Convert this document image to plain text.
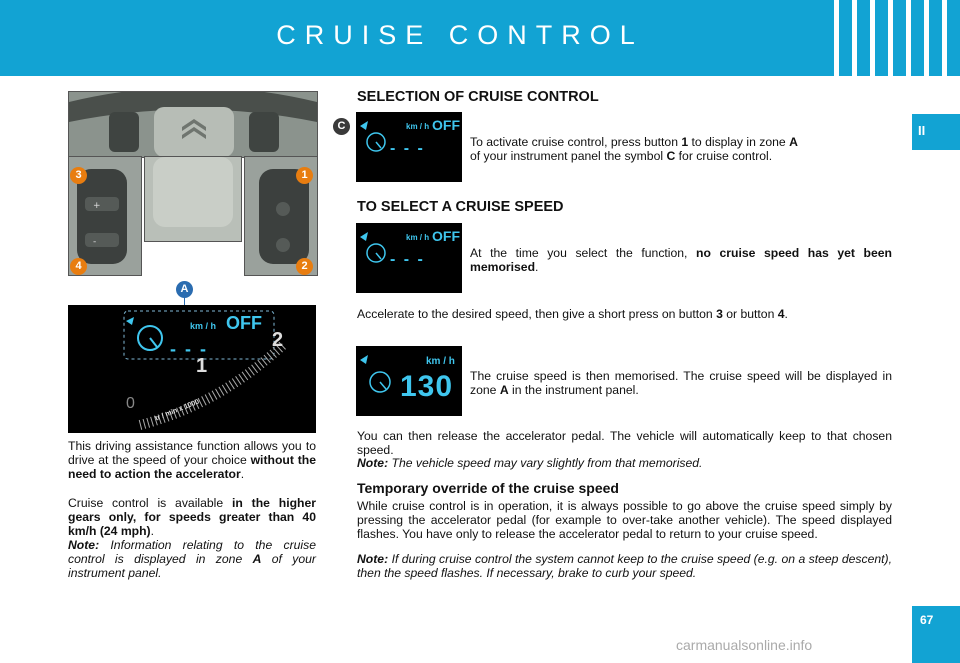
CRUISE CONTROL
II
67
+
-
3	1
4	2
A
km / h OFF
- - -
0
1
2
tr / min x 1000
This driving assistance function allows you to drive at the speed of your choice without the need to action the accelerator.
Cruise control is available in the higher gears only, for speeds greater than 40 km/h (24 mph).
Note: Information relating to the cruise control is displayed in zone A of your instrument panel.
SELECTION OF CRUISE CONTROL
C	km / h OFF
- - -	To activate cruise control, press button 1 to display in zone A
of your instrument panel the symbol C for cruise control.
TO SELECT A CRUISE SPEED
km / h OFF
- - -	At the time you select the function, no cruise speed has yet been memorised.
Accelerate to the desired speed, then give a short press on button 3 or button 4.
km / h
130 The cruise speed is then memorised. The cruise speed will be displayed in zone A in the instrument panel.
You can then release the accelerator pedal. The vehicle will automatically keep to that chosen speed.
Note: The vehicle speed may vary slightly from that memorised.
Temporary override of the cruise speed
While cruise control is in operation, it is always possible to go above the cruise speed simply by pressing the accelerator pedal (for example to over-take another vehicle). The speed displayed flashes. You have only to release the accelerator pedal to return to your cruise speed.
Note: If during cruise control the system cannot keep to the cruise speed (e.g. on a steep descent), then the speed flashes. If necessary, brake to curb your speed.
carmanualsonline.info
